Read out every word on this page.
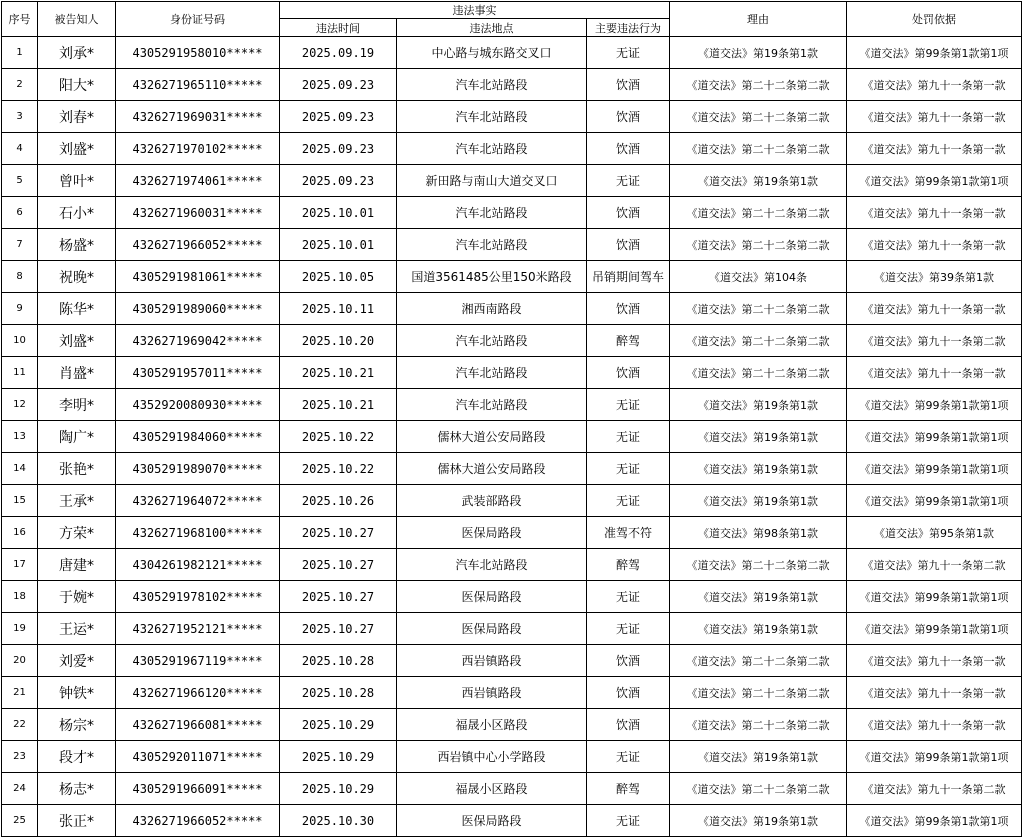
序号	被告知人	身份证号码	违法事实			理由	处罚依据
			违法时间	违法地点	主要违法行为		
1	刘承*	4305291958010*****	2025.09.19	中心路与城东路交叉口	无证	《道交法》第19条第1款	《道交法》第99条第1款第1项
2	阳大*	4326271965110*****	2025.09.23	汽车北站路段	饮酒	《道交法》第二十二条第二款	《道交法》第九十一条第一款
3	刘春*	4326271969031*****	2025.09.23	汽车北站路段	饮酒	《道交法》第二十二条第二款	《道交法》第九十一条第一款
4	刘盛*	4326271970102*****	2025.09.23	汽车北站路段	饮酒	《道交法》第二十二条第二款	《道交法》第九十一条第一款
5	曾叶*	4326271974061*****	2025.09.23	新田路与南山大道交叉口	无证	《道交法》第19条第1款	《道交法》第99条第1款第1项
6	石小*	4326271960031*****	2025.10.01	汽车北站路段	饮酒	《道交法》第二十二条第二款	《道交法》第九十一条第一款
7	杨盛*	4326271966052*****	2025.10.01	汽车北站路段	饮酒	《道交法》第二十二条第二款	《道交法》第九十一条第一款
8	祝晚*	4305291981061*****	2025.10.05	国道3561485公里150米路段	吊销期间驾车	《道交法》第104条	《道交法》第39条第1款
9	陈华*	4305291989060*****	2025.10.11	湘西南路段	饮酒	《道交法》第二十二条第二款	《道交法》第九十一条第一款
10	刘盛*	4326271969042*****	2025.10.20	汽车北站路段	醉驾	《道交法》第二十二条第二款	《道交法》第九十一条第二款
11	肖盛*	4305291957011*****	2025.10.21	汽车北站路段	饮酒	《道交法》第二十二条第二款	《道交法》第九十一条第一款
12	李明*	4352920080930*****	2025.10.21	汽车北站路段	无证	《道交法》第19条第1款	《道交法》第99条第1款第1项
13	陶广*	4305291984060*****	2025.10.22	儒林大道公安局路段	无证	《道交法》第19条第1款	《道交法》第99条第1款第1项
14	张艳*	4305291989070*****	2025.10.22	儒林大道公安局路段	无证	《道交法》第19条第1款	《道交法》第99条第1款第1项
15	王承*	4326271964072*****	2025.10.26	武装部路段	无证	《道交法》第19条第1款	《道交法》第99条第1款第1项
16	方荣*	4326271968100*****	2025.10.27	医保局路段	准驾不符	《道交法》第98条第1款	《道交法》第95条第1款
17	唐建*	4304261982121*****	2025.10.27	汽车北站路段	醉驾	《道交法》第二十二条第二款	《道交法》第九十一条第二款
18	于婉*	4305291978102*****	2025.10.27	医保局路段	无证	《道交法》第19条第1款	《道交法》第99条第1款第1项
19	王运*	4326271952121*****	2025.10.27	医保局路段	无证	《道交法》第19条第1款	《道交法》第99条第1款第1项
20	刘爱*	4305291967119*****	2025.10.28	西岩镇路段	饮酒	《道交法》第二十二条第二款	《道交法》第九十一条第一款
21	钟铁*	4326271966120*****	2025.10.28	西岩镇路段	饮酒	《道交法》第二十二条第二款	《道交法》第九十一条第一款
22	杨宗*	4326271966081*****	2025.10.29	福晟小区路段	饮酒	《道交法》第二十二条第二款	《道交法》第九十一条第一款
23	段才*	4305292011071*****	2025.10.29	西岩镇中心小学路段	无证	《道交法》第19条第1款	《道交法》第99条第1款第1项
24	杨志*	4305291966091*****	2025.10.29	福晟小区路段	醉驾	《道交法》第二十二条第二款	《道交法》第九十一条第二款
25	张正*	4326271966052*****	2025.10.30	医保局路段	无证	《道交法》第19条第1款	《道交法》第99条第1款第1项
